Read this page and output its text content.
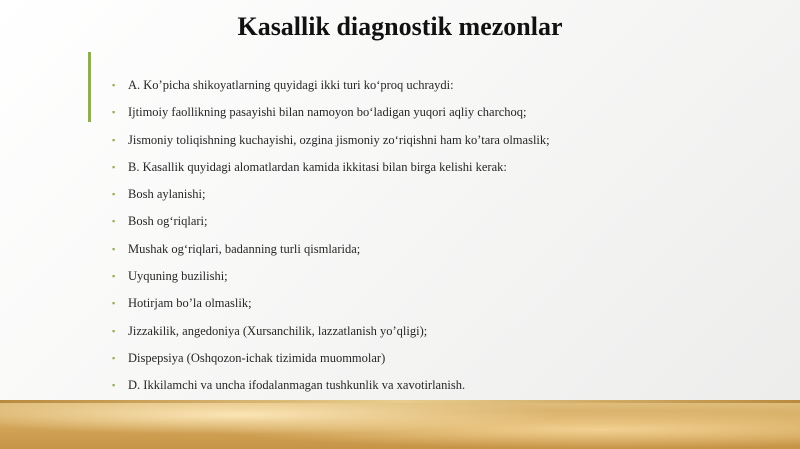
Kasallik diagnostik mezonlar
▪ A. Ko’picha shikoyatlarning quyidagi ikki turi ko‘proq uchraydi:
▪ Ijtimoiy faollikning pasayishi bilan namoyon bo‘ladigan yuqori aqliy charchoq;
▪ Jismoniy toliqishning kuchayishi, ozgina jismoniy zo‘riqishni ham ko’tara olmaslik;
▪ B. Kasallik quyidagi alomatlardan kamida ikkitasi bilan birga kelishi kerak:
▪ Bosh aylanishi;
▪ Bosh og‘riqlari;
▪ Mushak og‘riqlari, badanning turli qismlarida;
▪ Uyquning buzilishi;
▪ Hotirjam bo’la olmaslik;
▪ Jizzakilik, angedoniya (Xursanchilik, lazzatlanish yo’qligi);
▪ Dispepsiya (Oshqozon-ichak tizimida muommolar)
▪ D. Ikkilamchi va uncha ifodalanmagan tushkunlik va xavotirlanish.
